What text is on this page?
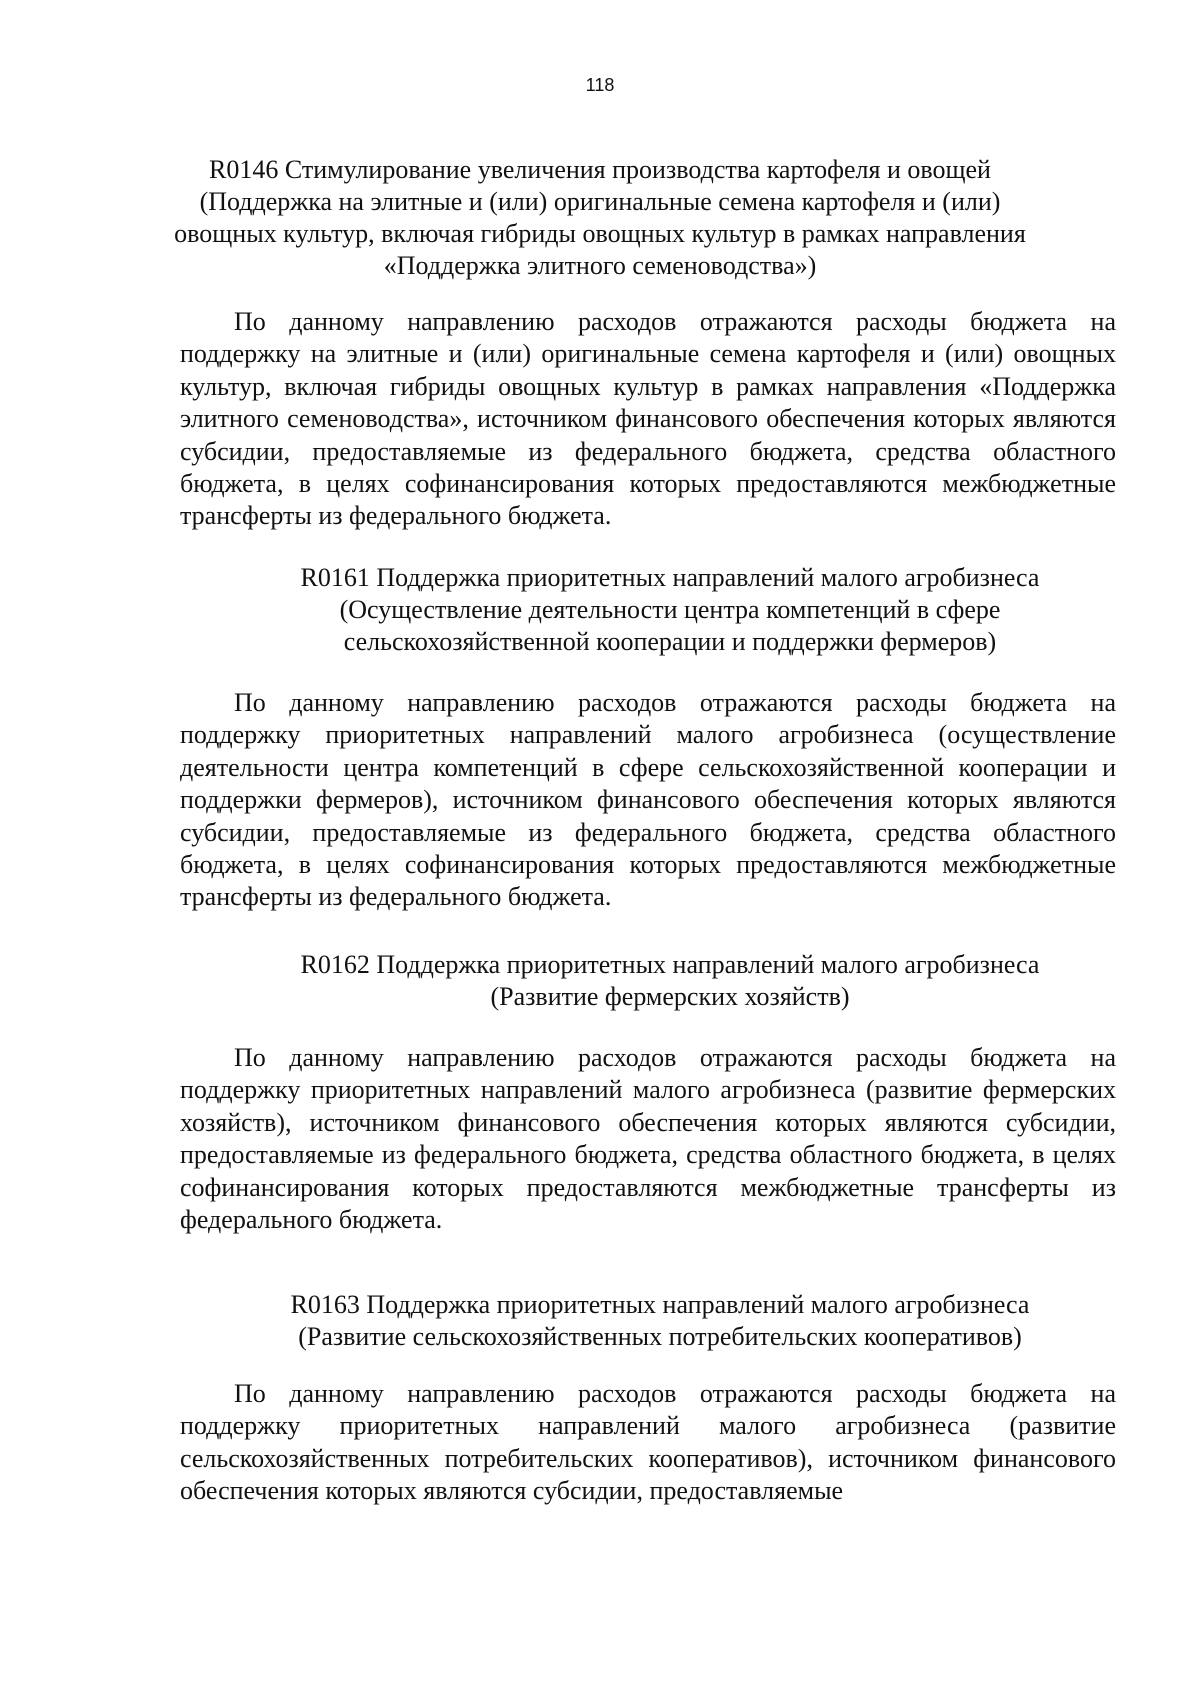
118
R0146 Стимулирование увеличения производства картофеля и овощей
(Поддержка на элитные и (или) оригинальные семена картофеля и (или)
овощных культур, включая гибриды овощных культур в рамках направления
«Поддержка элитного семеноводства»)

По данному направлению расходов отражаются расходы бюджета на поддержку на элитные и (или) оригинальные семена картофеля и (или) овощных культур, включая гибриды овощных культур в рамках направления «Поддержка элитного семеноводства», источником финансового обеспечения которых являются субсидии, предоставляемые из федерального бюджета, средства областного бюджета, в целях софинансирования которых предоставляются межбюджетные трансферты из федерального бюджета.

R0161 Поддержка приоритетных направлений малого агробизнеса
(Осуществление деятельности центра компетенций в сфере
сельскохозяйственной кооперации и поддержки фермеров)

По данному направлению расходов отражаются расходы бюджета на поддержку приоритетных направлений малого агробизнеса (осуществление деятельности центра компетенций в сфере сельскохозяйственной кооперации и поддержки фермеров), источником финансового обеспечения которых являются субсидии, предоставляемые из федерального бюджета, средства областного бюджета, в целях софинансирования которых предоставляются межбюджетные трансферты из федерального бюджета.

R0162 Поддержка приоритетных направлений малого агробизнеса
(Развитие фермерских хозяйств)

По данному направлению расходов отражаются расходы бюджета на поддержку приоритетных направлений малого агробизнеса (развитие фермерских хозяйств), источником финансового обеспечения которых являются субсидии, предоставляемые из федерального бюджета, средства областного бюджета, в целях софинансирования которых предоставляются межбюджетные трансферты из федерального бюджета.

R0163 Поддержка приоритетных направлений малого агробизнеса
(Развитие сельскохозяйственных потребительских кооперативов)

По данному направлению расходов отражаются расходы бюджета на поддержку приоритетных направлений малого агробизнеса (развитие сельскохозяйственных потребительских кооперативов), источником финансового обеспечения которых являются субсидии, предоставляемые
